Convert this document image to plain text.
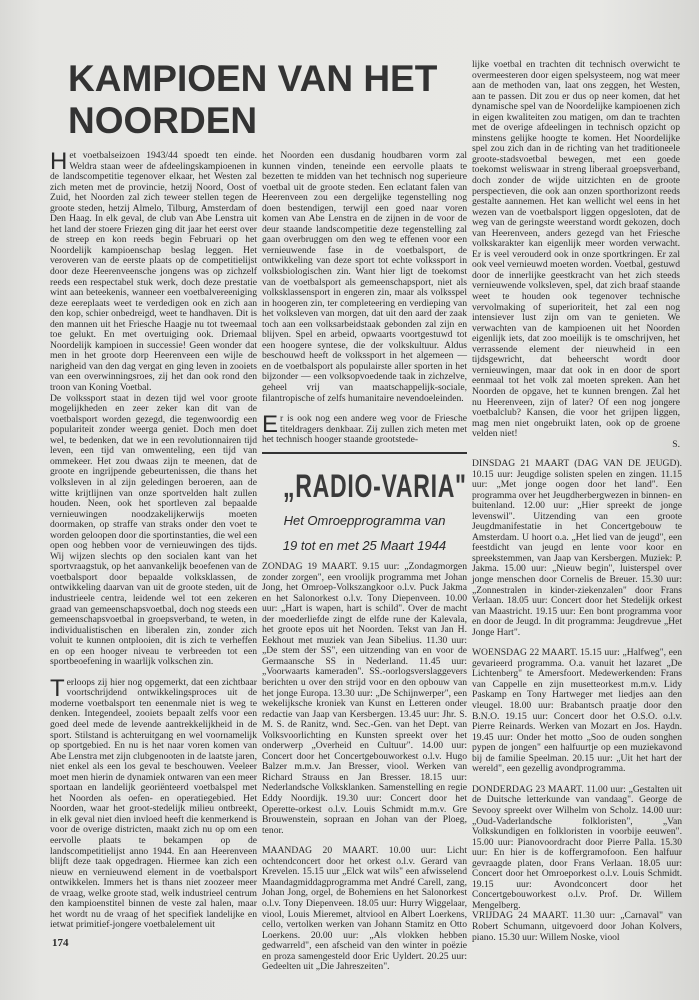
KAMPIOEN VAN HET
NOORDEN

Het voetbalseizoen 1943/44 spoedt ten einde. Weldra staan weer de afdeelingskampioenen in de landscompetitie tegenover elkaar, het Westen zal zich meten met de provincie, hetzij Noord, Oost of Zuid, het Noorden zal zich teweer stellen tegen de groote steden, hetzij Almelo, Tilburg, Amsterdam of Den Haag. In elk geval, de club van Abe Lenstra uit het land der stoere Friezen ging dit jaar het eerst over de streep en kon reeds begin Februari op het Noordelijk kampioenschap beslag leggen. Het veroveren van de eerste plaats op de competitielijst door deze Heerenveensche jongens was op zichzelf reeds een respectabel stuk werk, doch deze prestatie wint aan beteekenis, wanneer een voetbalvereeniging deze eereplaats weet te verdedigen ook en zich aan den kop, schier onbedreigd, weet te handhaven. Dit is den mannen uit het Friesche Haagje nu tot tweemaal toe gelukt. En met overtuiging ook. Driemaal Noordelijk kampioen in successie! Geen wonder dat men in het groote dorp Heerenveen een wijle de narigheid van den dag vergat en ging leven in zooiets van een overwinningsroes, zij het dan ook rond den troon van Koning Voetbal.

De volkssport staat in dezen tijd wel voor groote mogelijkheden en zeer zeker kan dit van de voetbalsport worden gezegd, die tegenwoordig een populariteit zonder weerga geniet. Doch men doet wel, te bedenken, dat we in een revolutionnairen tijd leven, een tijd van omwenteling, een tijd van ommekeer. Het zou dwaas zijn te meenen, dat de groote en ingrijpende gebeurtenissen, die thans het volksleven in al zijn geledingen beroeren, aan de witte krijtlijnen van onze sportvelden halt zullen houden. Neen, ook het sportleven zal bepaalde vernieuwingen noodzakelijkerwijs moeten doormaken, op straffe van straks onder den voet te worden geloopen door die sportinstanties, die wel een open oog hebben voor de vernieuwingen des tijds. Wij wijzen slechts op den socialen kant van het sportvraagstuk, op het aanvankelijk beoefenen van de voetbalsport door bepaalde volksklassen, de ontwikkeling daarvan van uit de groote steden, uit de industrieele centra, leidende wel tot een zekeren graad van gemeenschapsvoetbal, doch nog steeds een gemeenschapsvoetbal in groepsverband, te weten, in individualistischen en liberalen zin, zonder zich voluit te kunnen ontplooien, dit is zich te verheffen en op een hooger niveau te verbreeden tot een sportbeoefening in waarlijk volkschen zin.

Terloops zij hier nog opgemerkt, dat een zichtbaar voortschrijdend ontwikkelingsproces uit de moderne voetbalsport ten eenenmale niet is weg te denken. Integendeel, zooiets bepaalt zelfs voor een goed deel mede de levende aantrekkelijkheid in de sport. Stilstand is achteruitgang en wel voornamelijk op sportgebied. En nu is het naar voren komen van Abe Lenstra met zijn clubgenooten in de laatste jaren, niet enkel als een los geval te beschouwen. Veeleer moet men hierin de dynamiek ontwaren van een meer sportaan en landelijk georiënteerd voetbalspel met het Noorden als oefen- en operatiegebied. Het Noorden, waar het groot-stedelijk milieu ontbreekt, in elk geval niet dien invloed heeft die kenmerkend is voor de overige districten, maakt zich nu op om een eervolle plaats te bekampen op de landscompetitielijst anno 1944. En aan Heerenveen blijft deze taak opgedragen. Hiermee kan zich een nieuw en vernieuwend element in de voetbalsport ontwikkelen. Immers het is thans niet zoozeer meer de vraag, welke groote stad, welk industrieel centrum den kampioenstitel binnen de veste zal halen, maar het wordt nu de vraag of het specifiek landelijke en ietwat primitief-jongere voetbalelement uit

het Noorden een dusdanig houdbaren vorm zal kunnen vinden, teneinde een eervolle plaats te bezetten te midden van het technisch nog superieure voetbal uit de groote steden. Een eclatant falen van Heerenveen zou een dergelijke tegenstelling nog doen bestendigen, terwijl een goed naar voren komen van Abe Lenstra en de zijnen in de voor de deur staande landscompetitie deze tegenstelling zal gaan overbruggen om den weg te effenen voor een vernieuwende fase in de voetbalsport, de ontwikkeling van deze sport tot echte volkssport in volksbiologischen zin. Want hier ligt de toekomst van de voetbalsport als gemeenschapsport, niet als volksklassensport in engeren zin, maar als volksspel in hoogeren zin, ter completeering en verdieping van het volksleven van morgen, dat uit den aard der zaak toch aan een volksarbeidstaak gebonden zal zijn en blijven. Spel en arbeid, opwaarts voortgestuwd tot een hoogere syntese, die der volkskultuur. Aldus beschouwd heeft de volkssport in het algemeen — en de voetbalsport als populairste aller sporten in het bijzonder — een volksopvoedende taak in zichzelve, geheel vrij van maatschappelijk-sociale, filantropische of zelfs humanitaire nevendoeleinden.

Er is ook nog een andere weg voor de Friesche titeldragers denkbaar. Zij zullen zich meten met het technisch hooger staande grootstede-

lijke voetbal en trachten dit technisch overwicht te overmeesteren door eigen spelsysteem, nog wat meer aan de methoden van, laat ons zeggen, het Westen, aan te passen. Dit zou er dus op neer komen, dat het dynamische spel van de Noordelijke kampioenen zich in eigen kwaliteiten zou matigen, om dan te trachten met de overige afdeelingen in technisch opzicht op minstens gelijke hoogte te komen. Het Noordelijke spel zou zich dan in de richting van het traditioneele groote-stadsvoetbal bewegen, met een goede toekomst weliswaar in streng liberaal groepsverband, doch zonder de wijde uitzichten en de groote perspectieven, die ook aan onzen sporthorizont reeds gestalte aannemen. Het kan wellicht wel eens in het wezen van de voetbalsport liggen opgesloten, dat de weg van de geringste weerstand wordt gekozen, doch van Heerenveen, anders gezegd van het Friesche volkskarakter kan eigenlijk meer worden verwacht. Er is veel verouderd ook in onze sportkringen. Er zal ook veel vernieuwd moeten worden. Voetbal, gestuwd door de innerlijke geestkracht van het zich steeds vernieuwende volksleven, spel, dat zich braaf staande weet te houden ook tegenover technische vervolmaking of superioriteit, het zal een nog intensiever lust zijn om van te genieten. We verwachten van de kampioenen uit het Noorden eigenlijk iets, dat zoo moeilijk is te omschrijven, het verrassende element der nieuwheid in een tijdsgewricht, dat beheerscht wordt door vernieuwingen, maar dat ook in en door de sport eenmaal tot het volk zal moeten spreken. Aan het Noorden de opgave, het te kunnen brengen. Zal het nu Heerenveen, zijn of later? Of een nog jongere voetbalclub? Kansen, die voor het grijpen liggen, mag men niet ongebruikt laten, ook op de groene velden niet!

S.

„RADIO-VARIA"
Het Omroepprogramma van
19 tot en met 25 Maart 1944

ZONDAG 19 MAART. 9.15 uur: „Zondagmorgen zonder zorgen", een vroolijk programma met Johan Jong, het Omroep-Volkszangkoor o.l.v. Puck Jakma en het Salonorkest o.l.v. Tony Diepenveen. 10.00 uur: „Hart is wapen, hart is schild". Over de macht der moederliefde zingt de elfde rune der Kalevala, het groote epos uit het Noorden. Tekst van Jan H. Eekhout met muziek van Jean Sibelius. 11.30 uur: „De stem der SS", een uitzending van en voor de Germaansche SS in Nederland. 11.45 uur: „Voorwaarts kameraden". SS.-oorlogsverslaggevers berichten u over den strijd voor en den opbouw van het jonge Europa. 13.30 uur: „De Schijnwerper", een wekelijksche kroniek van Kunst en Letteren onder redactie van Jaap van Kersbergen. 13.45 uur: Jhr. S. M. S. de Ranitz, wnd. Sec.-Gen. van het Dept. van Volksvoorlichting en Kunsten spreekt over het onderwerp „Overheid en Cultuur". 14.00 uur: Concert door het Concertgebouworkest o.l.v. Hugo Balzer m.m.v. Jan Bresser, viool. Werken van Richard Strauss en Jan Bresser. 18.15 uur: Nederlandsche Volksklanken. Samenstelling en regie Eddy Noordijk. 19.30 uur: Concert door het Operette-orkest o.l.v. Louis Schmidt m.m.v. Gre Brouwenstein, sopraan en Johan van der Ploeg, tenor.

MAANDAG 20 MAART. 10.00 uur: Licht ochtendconcert door het orkest o.l.v. Gerard van Krevelen. 15.15 uur „Elck wat wils" een afwisselend Maandagmiddagprogramma met André Carell, zang, Johan Jong, orgel, de Bohemiens en het Salonorkest o.l.v. Tony Diepenveen. 18.05 uur: Hurry Wiggelaar, viool, Louis Mieremet, altviool en Albert Loerkens, cello, vertolken werken van Johann Stamitz en Otto Loerkens. 20.00 uur: „Als vlokken hebben gedwarreld", een afscheid van den winter in poëzie en proza samengesteld door Eric Uyldert. 20.25 uur: Gedeelten uit „Die Jahreszeiten".

DINSDAG 21 MAART (DAG VAN DE JEUGD). 10.15 uur: Jeugdige solisten spelen en zingen. 11.15 uur: „Met jonge oogen door het land". Een programma over het Jeugdherbergwezen in binnen- en buitenland. 12.00 uur: „Hier spreekt de jonge levenswil". Uitzending van een groote Jeugdmanifestatie in het Concertgebouw te Amsterdam. U hoort o.a. „Het lied van de jeugd", een feestdicht van jeugd en lente voor koor en spreekstemmen, van Jaap van Kersbergen. Muziek: P. Jakma. 15.00 uur: „Nieuw begin", luisterspel over jonge menschen door Cornelis de Breuer. 15.30 uur: „Zonnestralen in kinder-ziekenzalen" door Frans Verlaan. 18.05 uur: Concert door het Stedelijk orkest van Maastricht. 19.15 uur: Een bont programma voor en door de Jeugd. In dit programma: Jeugdrevue „Het Jonge Hart".

WOENSDAG 22 MAART. 15.15 uur: „Halfweg", een gevarieerd programma. O.a. vanuit het lazaret „De Lichtenberg" te Amersfoort. Medewerkenden: Frans van Cappelle en zijn musetteorkest m.m.v. Lidy Paskamp en Tony Hartweger met liedjes aan den vleugel. 18.00 uur: Brabantsch praatje door den B.N.O. 19.15 uur: Concert door het O.S.O. o.l.v. Pierre Reinards. Werken van Mozart en Jos. Haydn. 19.45 uur: Onder het motto „Soo de ouden songhen pypen de jongen" een halfuurtje op een muziekavond bij de familie Speelman. 20.15 uur: „Uit het hart der wereld", een gezellig avondprogramma.

DONDERDAG 23 MAART. 11.00 uur: „Gestalten uit de Duitsche letterkunde van vandaag". George de Sevooy spreekt over Wilhelm von Scholz. 14.00 uur: „Oud-Vaderlandsche folkloristen", „Van Volkskundigen en folkloristen in voorbije eeuwen". 15.00 uur: Pianovoordracht door Pierre Palla. 15.30 uur: En hier is de koffergramofoon. Een halfuur gevraagde platen, door Frans Verlaan. 18.05 uur: Concert door het Omroeporkest o.l.v. Louis Schmidt. 19.15 uur: Avondconcert door het Concertgebouworkest o.l.v. Prof. Dr. Willem Mengelberg.

VRIJDAG 24 MAART. 11.30 uur: „Carnaval" van Robert Schumann, uitgevoerd door Johan Kolvers, piano. 15.30 uur: Willem Noske, viool

174
